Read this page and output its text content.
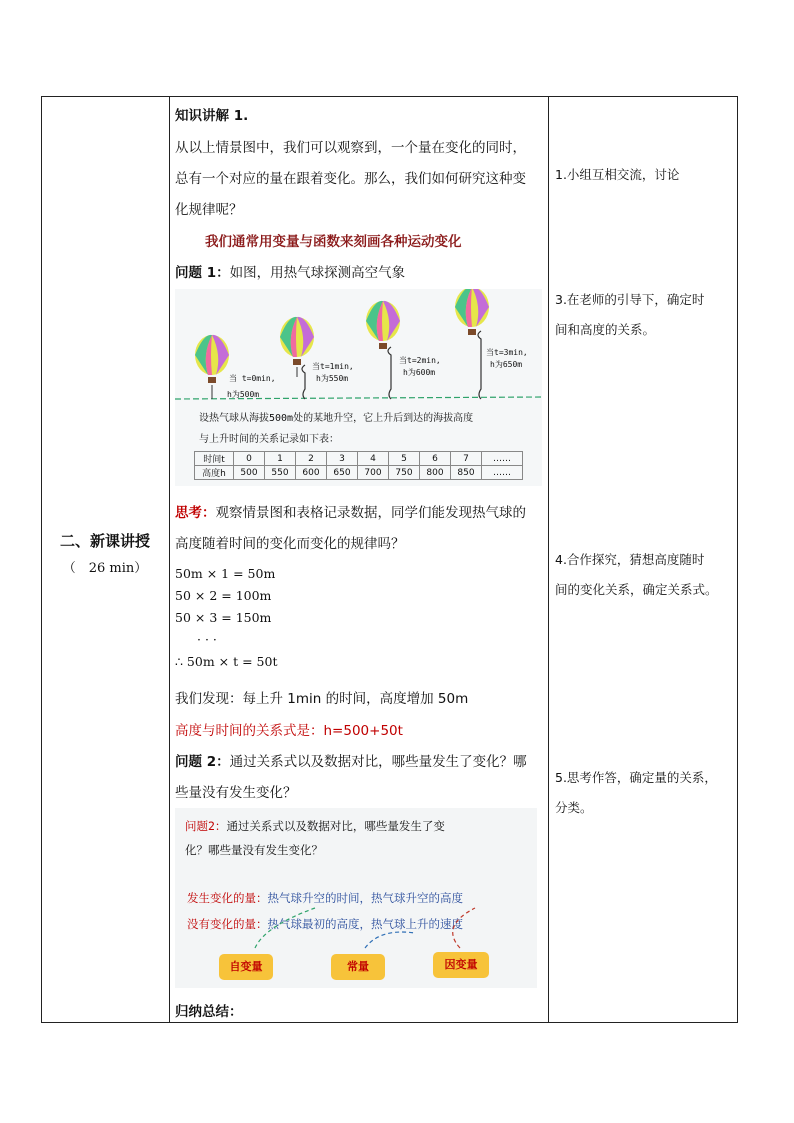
二、新课讲授
（　26 min）
知识讲解 1.
从以上情景图中，我们可以观察到，一个量在变化的同时，
总有一个对应的量在跟着变化。那么，我们如何研究这种变
化规律呢？
我们通常用变量与函数来刻画各种运动变化
问题 1：如图，用热气球探测高空气象
思考：观察情景图和表格记录数据，同学们能发现热气球的
高度随着时间的变化而变化的规律吗？
50m × 1 = 50m
50 × 2 = 100m
50 × 3 = 150m
· · ·
∴ 50m × t = 50t
我们发现：每上升 1min 的时间，高度增加 50m
高度与时间的关系式是：h=500+50t
问题 2：通过关系式以及数据对比，哪些量发生了变化？哪
些量没有发生变化？
归纳总结：
当 t=0min,
h为500m
当t=1min,
h为550m
当t=2min,
h为600m
当t=3min,
h为650m
设热气球从海拔500m处的某地升空，它上升后到达的海拔高度
与上升时间的关系记录如下表：
时间t	0	1	2	3	4	5	6	7	……
高度h	500	550	600	650	700	750	800	850	……
问题2：通过关系式以及数据对比，哪些量发生了变
化？哪些量没有发生变化？
发生变化的量：热气球升空的时间，热气球升空的高度
没有变化的量：热气球最初的高度，热气球上升的速度
自变量	常量	因变量
1.小组互相交流，讨论
3.在老师的引导下，确定时
间和高度的关系。
4.合作探究，猜想高度随时
间的变化关系，确定关系式。
5.思考作答，确定量的关系，
分类。
